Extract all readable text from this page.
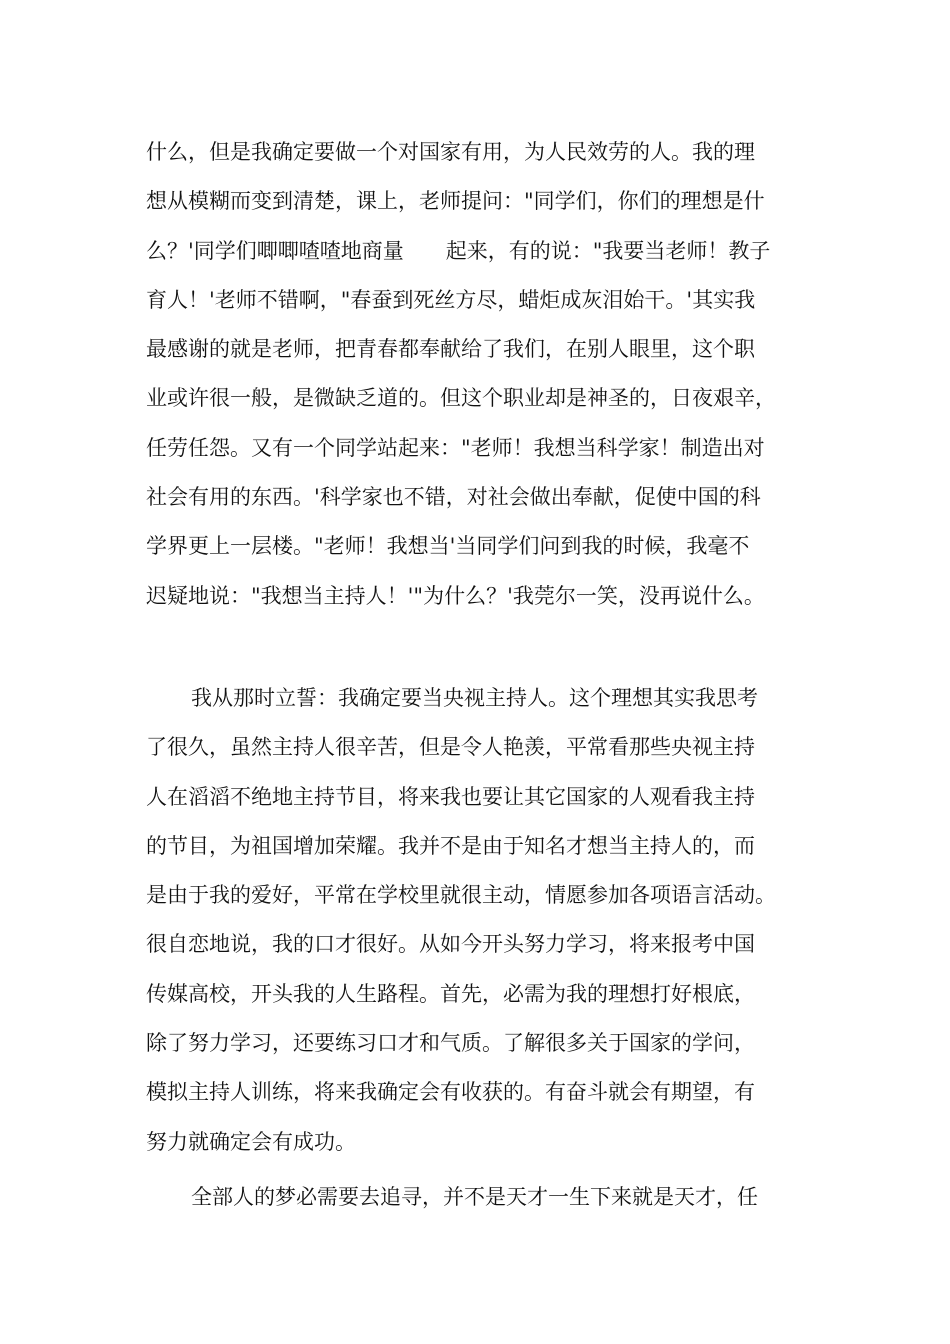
什么，但是我确定要做一个对国家有用，为人民效劳的人。我的理
想从模糊而变到清楚，课上，老师提问："同学们，你们的理想是什
么？'同学们唧唧喳喳地商量　　起来，有的说："我要当老师！教子
育人！'老师不错啊，"春蚕到死丝方尽，蜡炬成灰泪始干。'其实我
最感谢的就是老师，把青春都奉献给了我们，在别人眼里，这个职
业或许很一般，是微缺乏道的。但这个职业却是神圣的，日夜艰辛，
任劳任怨。又有一个同学站起来："老师！我想当科学家！制造出对
社会有用的东西。'科学家也不错，对社会做出奉献，促使中国的科
学界更上一层楼。"老师！我想当'当同学们问到我的时候，我毫不
迟疑地说："我想当主持人！'"为什么？'我莞尔一笑，没再说什么。
我从那时立誓：我确定要当央视主持人。这个理想其实我思考
了很久，虽然主持人很辛苦，但是令人艳羡，平常看那些央视主持
人在滔滔不绝地主持节目，将来我也要让其它国家的人观看我主持
的节目，为祖国增加荣耀。我并不是由于知名才想当主持人的，而
是由于我的爱好，平常在学校里就很主动，情愿参加各项语言活动。
很自恋地说，我的口才很好。从如今开头努力学习，将来报考中国
传媒高校，开头我的人生路程。首先，必需为我的理想打好根底，
除了努力学习，还要练习口才和气质。了解很多关于国家的学问，
模拟主持人训练，将来我确定会有收获的。有奋斗就会有期望，有
努力就确定会有成功。
全部人的梦必需要去追寻，并不是天才一生下来就是天才，任
